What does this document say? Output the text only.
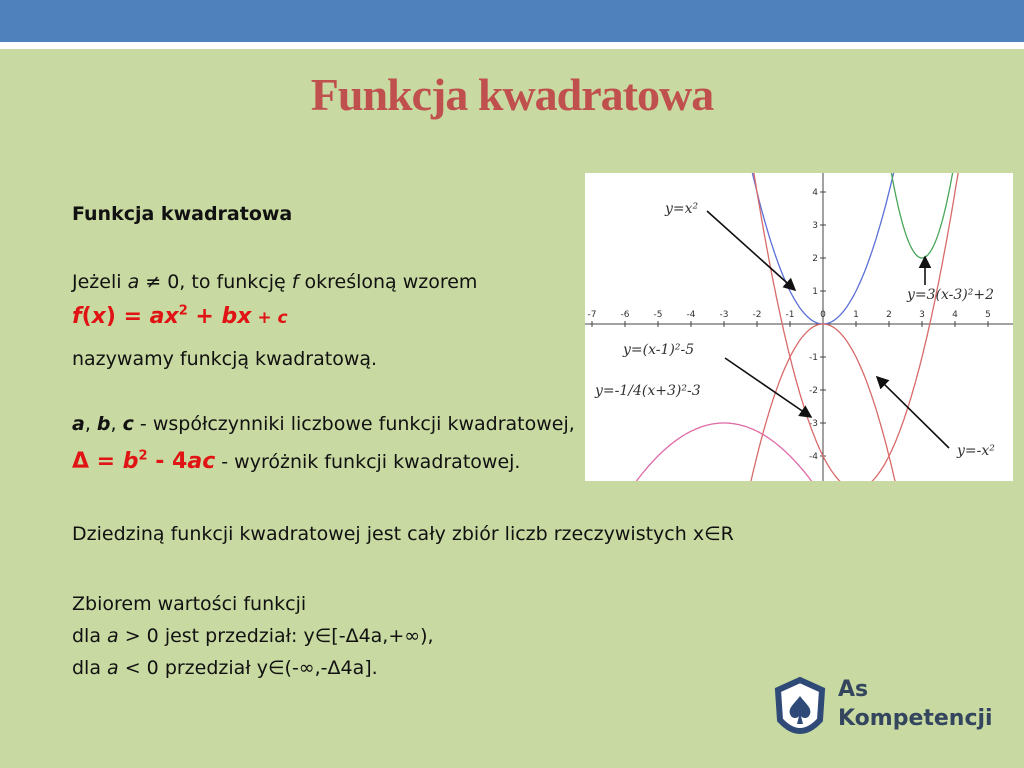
Funkcja kwadratowa
Funkcja kwadratowa
Jeżeli a ≠ 0, to funkcję f określoną wzorem
$f(x) = ax^2$ + bx + c
nazywamy funkcją kwadratową.
a, b, c - współczynniki liczbowe funkcji kwadratowej,
$\Delta = b^2 - 4ac$ - wyróżnik funkcji kwadratowej.
Dziedziną funkcji kwadratowej jest cały zbiór liczb rzeczywistych x∈R
Zbiorem wartości funkcji
dla a > 0 jest przedział: y∈[-Δ4a,+∞),
dla a < 0 przedział y∈(-∞,-Δ4a].
-7	-6	-5	-4	-3	-2	-1	0	1	2	3	4	5
4
3
2
1
-1
-2
-3
-4
y=x²
y=3(x-3)²+2
y=(x-1)²-5
y=-1/4(x+3)²-3
y=-x²
As
Kompetencji
